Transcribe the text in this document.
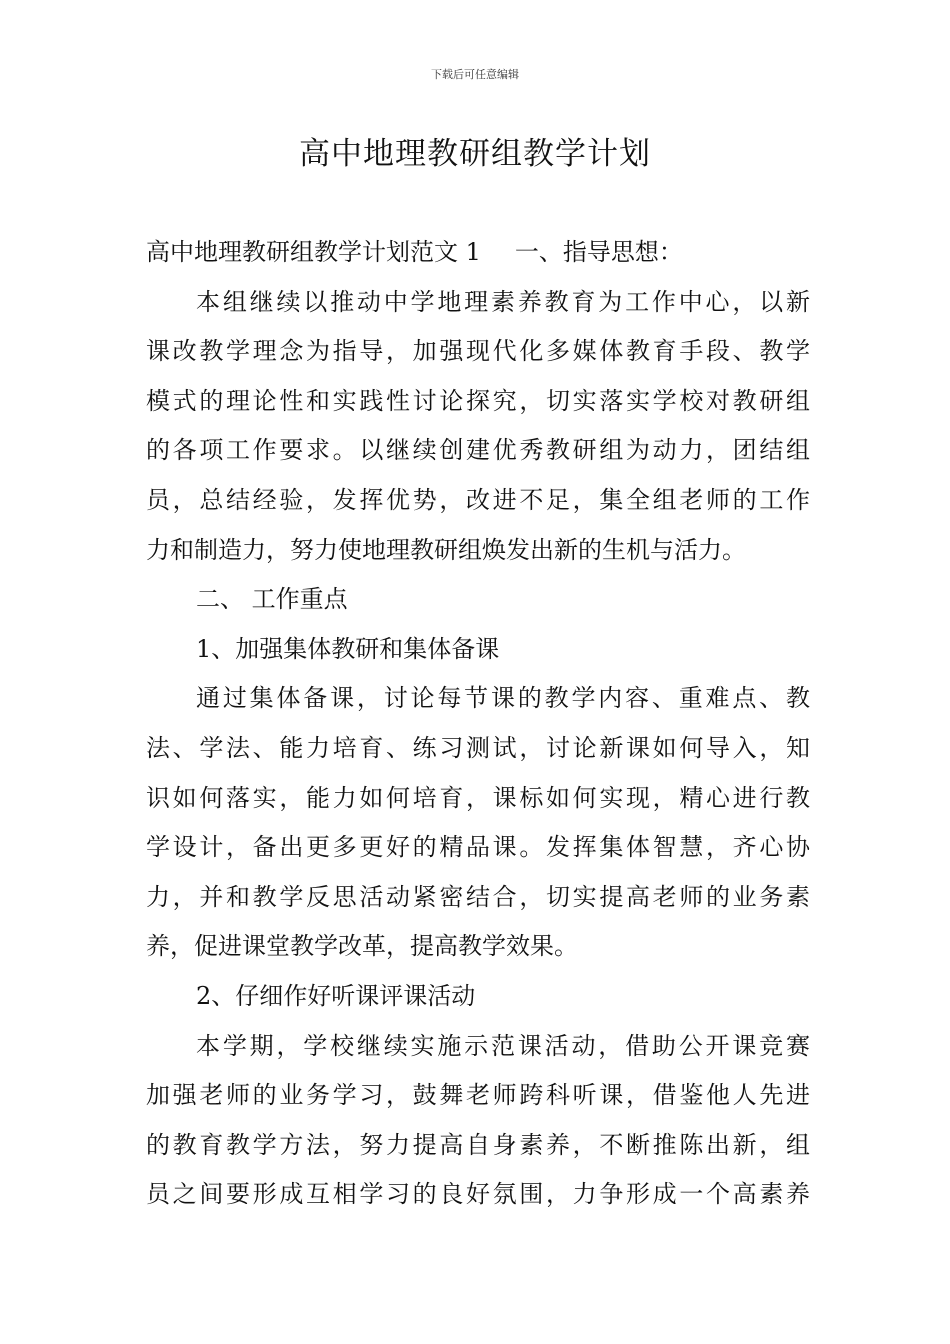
下载后可任意编辑
高中地理教研组教学计划
高中地理教研组教学计划范文 1 一、指导思想：
本组继续以推动中学地理素养教育为工作中心，以新
课改教学理念为指导，加强现代化多媒体教育手段、教学
模式的理论性和实践性讨论探究，切实落实学校对教研组
的各项工作要求。以继续创建优秀教研组为动力，团结组
员，总结经验，发挥优势，改进不足，集全组老师的工作
力和制造力，努力使地理教研组焕发出新的生机与活力。
二、 工作重点
1、加强集体教研和集体备课
通过集体备课，讨论每节课的教学内容、重难点、教
法、学法、能力培育、练习测试，讨论新课如何导入，知
识如何落实，能力如何培育，课标如何实现，精心进行教
学设计，备出更多更好的精品课。发挥集体智慧，齐心协
力，并和教学反思活动紧密结合，切实提高老师的业务素
养，促进课堂教学改革，提高教学效果。
2、仔细作好听课评课活动
本学期，学校继续实施示范课活动，借助公开课竞赛
加强老师的业务学习，鼓舞老师跨科听课，借鉴他人先进
的教育教学方法，努力提高自身素养，不断推陈出新，组
员之间要形成互相学习的良好氛围，力争形成一个高素养
